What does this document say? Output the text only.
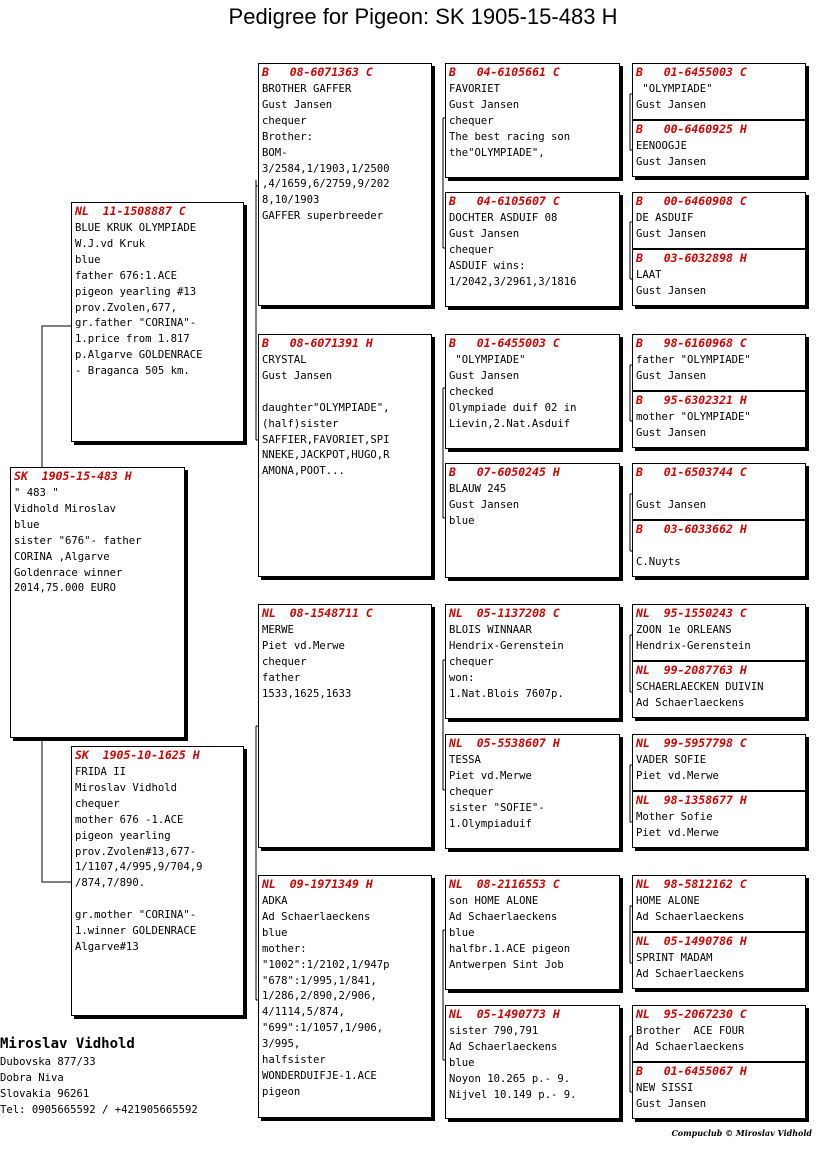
Pedigree for Pigeon: SK 1905-15-483 H
SK  1905-15-483 H
" 483 "
Vidhold Miroslav
blue
sister "676"- father
CORINA ,Algarve
Goldenrace winner
2014,75.000 EURO
NL  11-1508887 C
BLUE KRUK OLYMPIADE
W.J.vd Kruk
blue
father 676:1.ACE
pigeon yearling #13
prov.Zvolen,677,
gr.father "CORINA"-
1.price from 1.817
p.Algarve GOLDENRACE
- Braganca 505 km.
SK  1905-10-1625 H
FRIDA II
Miroslav Vidhold
chequer
mother 676 -1.ACE
pigeon yearling
prov.Zvolen#13,677-
1/1107,4/995,9/704,9
/874,7/890.
gr.mother "CORINA"-
1.winner GOLDENRACE
Algarve#13
B   08-6071363 C
BROTHER GAFFER
Gust Jansen
chequer
Brother:
BOM-
3/2584,1/1903,1/2500
,4/1659,6/2759,9/202
8,10/1903
GAFFER superbreeder
B   08-6071391 H
CRYSTAL
Gust Jansen
daughter"OLYMPIADE",
(half)sister
SAFFIER,FAVORIET,SPI
NNEKE,JACKPOT,HUGO,R
AMONA,POOT...
NL  08-1548711 C
MERWE
Piet vd.Merwe
chequer
father
1533,1625,1633
NL  09-1971349 H
ADKA
Ad Schaerlaeckens
blue
mother:
"1002":1/2102,1/947p
"678":1/995,1/841,
1/286,2/890,2/906,
4/1114,5/874,
"699":1/1057,1/906,
3/995,
halfsister
WONDERDUIFJE-1.ACE
pigeon
B   04-6105661 C
FAVORIET
Gust Jansen
chequer
The best racing son
the"OLYMPIADE",
B   04-6105607 C
DOCHTER ASDUIF 08
Gust Jansen
chequer
ASDUIF wins:
1/2042,3/2961,3/1816
B   01-6455003 C
"OLYMPIADE"
Gust Jansen
checked
Olympiade duif 02 in
Lievin,2.Nat.Asduif
B   07-6050245 H
BLAUW 245
Gust Jansen
blue
NL  05-1137208 C
BLOIS WINNAAR
Hendrix-Gerenstein
chequer
won:
1.Nat.Blois 7607p.
NL  05-5538607 H
TESSA
Piet vd.Merwe
chequer
sister "SOFIE"-
1.Olympiaduif
NL  08-2116553 C
son HOME ALONE
Ad Schaerlaeckens
blue
halfbr.1.ACE pigeon
Antwerpen Sint Job
NL  05-1490773 H
sister 790,791
Ad Schaerlaeckens
blue
Noyon 10.265 p.- 9.
Nijvel 10.149 p.- 9.
B   01-6455003 C
"OLYMPIADE"
Gust Jansen
B   00-6460925 H
EENOOGJE
Gust Jansen
B   00-6460908 C
DE ASDUIF
Gust Jansen
B   03-6032898 H
LAAT
Gust Jansen
B   98-6160968 C
father "OLYMPIADE"
Gust Jansen
B   95-6302321 H
mother "OLYMPIADE"
Gust Jansen
B   01-6503744 C
Gust Jansen
B   03-6033662 H
C.Nuyts
NL  95-1550243 C
ZOON 1e ORLEANS
Hendrix-Gerenstein
NL  99-2087763 H
SCHAERLAECKEN DUIVIN
Ad Schaerlaeckens
NL  99-5957798 C
VADER SOFIE
Piet vd.Merwe
NL  98-1358677 H
Mother Sofie
Piet vd.Merwe
NL  98-5812162 C
HOME ALONE
Ad Schaerlaeckens
NL  05-1490786 H
SPRINT MADAM
Ad Schaerlaeckens
NL  95-2067230 C
Brother  ACE FOUR
Ad Schaerlaeckens
B   01-6455067 H
NEW SISSI
Gust Jansen
Miroslav Vidhold
Dubovska 877/33
Dobra Niva
Slovakia 96261
Tel: 0905665592 / +421905665592
Compuclub © Miroslav Vidhold
